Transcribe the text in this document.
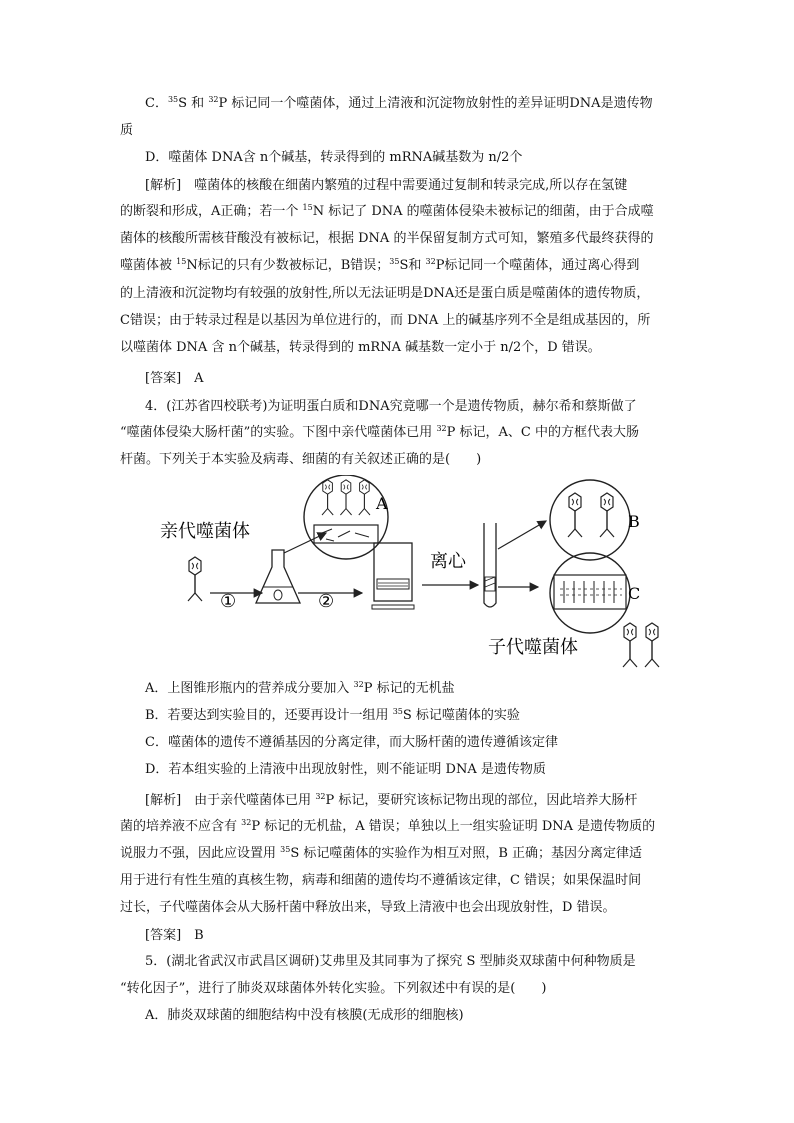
C．$^{35}$S 和 $^{32}$P 标记同一个噬菌体，通过上清液和沉淀物放射性的差异证明DNA是遗传物
质
D．噬菌体 DNA含 n个碱基，转录得到的 mRNA碱基数为 n/2个
[解析]　 噬菌体的核酸在细菌内繁殖的过程中需要通过复制和转录完成,所以存在氢键
的断裂和形成，A正确；若一个 $^{15}$N 标记了 DNA 的噬菌体侵染未被标记的细菌，由于合成噬
菌体的核酸所需核苷酸没有被标记，根据 DNA 的半保留复制方式可知，繁殖多代最终获得的
噬菌体被 $^{15}$N标记的只有少数被标记，B错误；$^{35}$S和 $^{32}$P标记同一个噬菌体，通过离心得到
的上清液和沉淀物均有较强的放射性,所以无法证明是DNA还是蛋白质是噬菌体的遗传物质，
C错误；由于转录过程是以基因为单位进行的，而 DNA 上的碱基序列不全是组成基因的，所
以噬菌体 DNA 含 n个碱基，转录得到的 mRNA 碱基数一定小于 n/2个，D 错误。
[答案]　 A
4．(江苏省四校联考)为证明蛋白质和DNA究竟哪一个是遗传物质，赫尔希和蔡斯做了
“噬菌体侵染大肠杆菌”的实验。下图中亲代噬菌体已用 $^{32}$P 标记，A、C 中的方框代表大肠
杆菌。下列关于本实验及病毒、细菌的有关叙述正确的是(　　)
亲代噬菌体
①
A
②
离心
B
C
子代噬菌体
A．上图锥形瓶内的营养成分要加入 $^{32}$P 标记的无机盐
B．若要达到实验目的，还要再设计一组用 $^{35}$S 标记噬菌体的实验
C．噬菌体的遗传不遵循基因的分离定律，而大肠杆菌的遗传遵循该定律
D．若本组实验的上清液中出现放射性，则不能证明 DNA 是遗传物质
[解析]　 由于亲代噬菌体已用 $^{32}$P 标记，要研究该标记物出现的部位，因此培养大肠杆
菌的培养液不应含有 $^{32}$P 标记的无机盐，A 错误；单独以上一组实验证明 DNA 是遗传物质的
说服力不强，因此应设置用 $^{35}$S 标记噬菌体的实验作为相互对照，B 正确；基因分离定律适
用于进行有性生殖的真核生物，病毒和细菌的遗传均不遵循该定律，C 错误；如果保温时间
过长，子代噬菌体会从大肠杆菌中释放出来，导致上清液中也会出现放射性，D 错误。
[答案]　 B
5．(湖北省武汉市武昌区调研)艾弗里及其同事为了探究 S 型肺炎双球菌中何种物质是
“转化因子”，进行了肺炎双球菌体外转化实验。下列叙述中有误的是(　　)
A．肺炎双球菌的细胞结构中没有核膜(无成形的细胞核)
